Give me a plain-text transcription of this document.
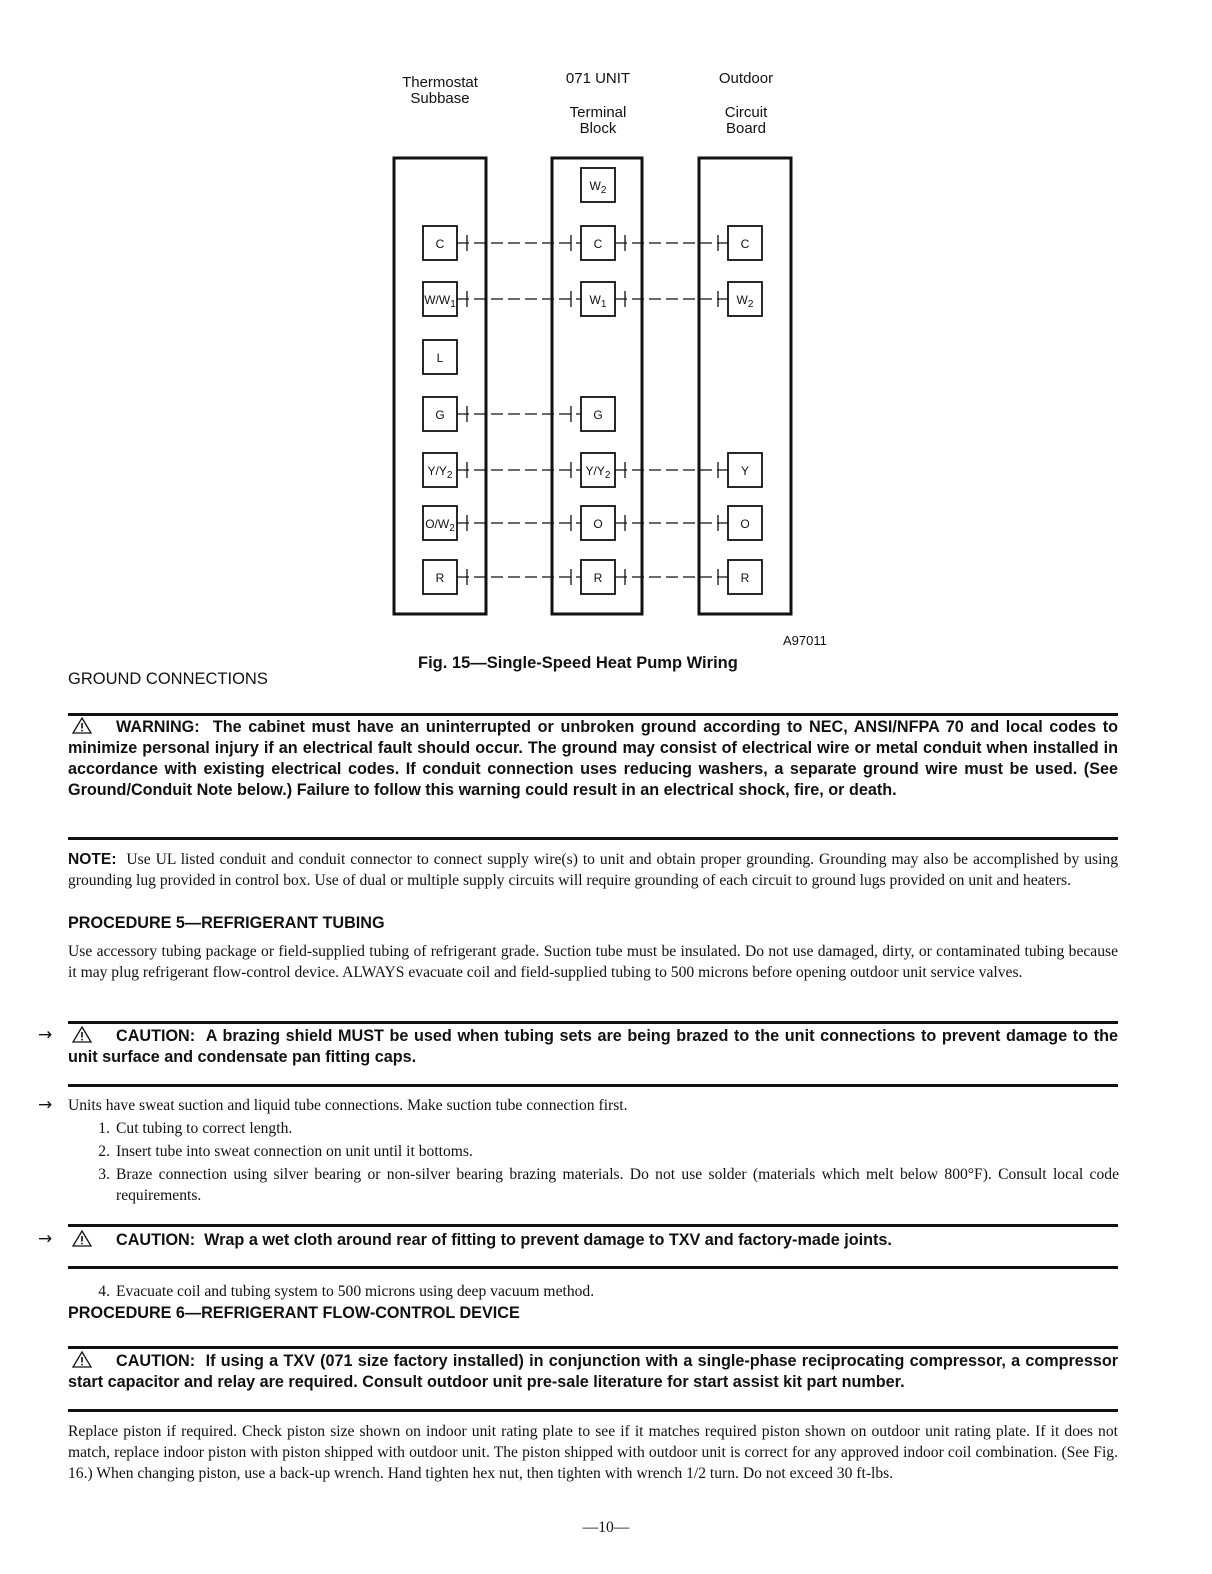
Thermostat
Subbase
071 UNIT
Terminal
Block
Outdoor
Circuit
Board
C
$W/W_1$
L
G
$Y/Y_2$
$O/W_2$
R
$W_2$
C
$W_1$
G
$Y/Y_2$
O
R
C
$W_2$
Y
O
R
A97011
Fig. 15—Single-Speed Heat Pump Wiring
GROUND CONNECTIONS
WARNING: The cabinet must have an uninterrupted or unbroken ground according to NEC, ANSI/NFPA 70 and local codes to minimize personal injury if an electrical fault should occur. The ground may consist of electrical wire or metal conduit when installed in accordance with existing electrical codes. If conduit connection uses reducing washers, a separate ground wire must be used. (See Ground/Conduit Note below.) Failure to follow this warning could result in an electrical shock, fire, or death.
NOTE: Use UL listed conduit and conduit connector to connect supply wire(s) to unit and obtain proper grounding. Grounding may also be accomplished by using grounding lug provided in control box. Use of dual or multiple supply circuits will require grounding of each circuit to ground lugs provided on unit and heaters.
PROCEDURE 5—REFRIGERANT TUBING
Use accessory tubing package or field-supplied tubing of refrigerant grade. Suction tube must be insulated. Do not use damaged, dirty, or contaminated tubing because it may plug refrigerant flow-control device. ALWAYS evacuate coil and field-supplied tubing to 500 microns before opening outdoor unit service valves.
→	CAUTION: A brazing shield MUST be used when tubing sets are being brazed to the unit connections to prevent damage to the unit surface and condensate pan fitting caps.
→ Units have sweat suction and liquid tube connections. Make suction tube connection first.
1. Cut tubing to correct length.
2. Insert tube into sweat connection on unit until it bottoms.
3. Braze connection using silver bearing or non-silver bearing brazing materials. Do not use solder (materials which melt below 800°F). Consult local code requirements.
→	CAUTION: Wrap a wet cloth around rear of fitting to prevent damage to TXV and factory-made joints.
4. Evacuate coil and tubing system to 500 microns using deep vacuum method.
PROCEDURE 6—REFRIGERANT FLOW-CONTROL DEVICE
CAUTION: If using a TXV (071 size factory installed) in conjunction with a single-phase reciprocating compressor, a compressor start capacitor and relay are required. Consult outdoor unit pre-sale literature for start assist kit part number.
Replace piston if required. Check piston size shown on indoor unit rating plate to see if it matches required piston shown on outdoor unit rating plate. If it does not match, replace indoor piston with piston shipped with outdoor unit. The piston shipped with outdoor unit is correct for any approved indoor coil combination. (See Fig. 16.) When changing piston, use a back-up wrench. Hand tighten hex nut, then tighten with wrench 1/2 turn. Do not exceed 30 ft-lbs.
—10—
